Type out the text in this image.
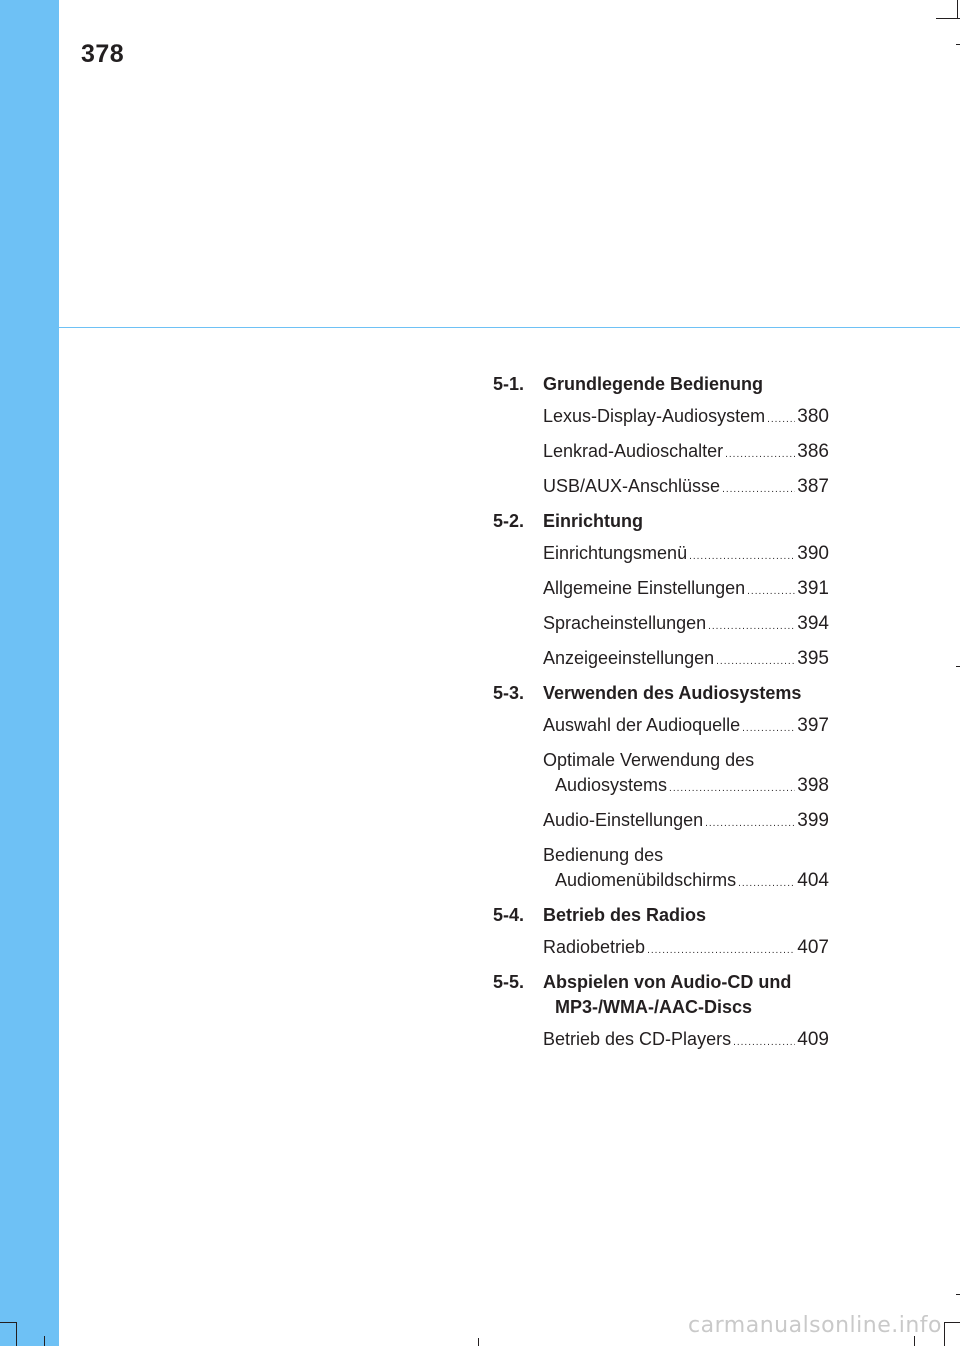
378
5-1.	Grundlegende Bedienung
Lexus-Display-Audiosystem ..... 380
Lenkrad-Audioschalter .....	386
USB/AUX-Anschlüsse .....	387
5-2.	Einrichtung
Einrichtungsmenü .....	390
Allgemeine Einstellungen .....	391
Spracheinstellungen .....	394
Anzeigeeinstellungen .....	395
5-3.	Verwenden des Audiosystems
Auswahl der Audioquelle .....	397
Optimale Verwendung des
Audiosystems .....	398
Audio-Einstellungen .....	399
Bedienung des
Audiomenübildschirms .....	404
5-4.	Betrieb des Radios
Radiobetrieb .....	407
5-5.	Abspielen von Audio-CD und
MP3-/WMA-/AAC-Discs
Betrieb des CD-Players .....	409
carmanualsonline.info
